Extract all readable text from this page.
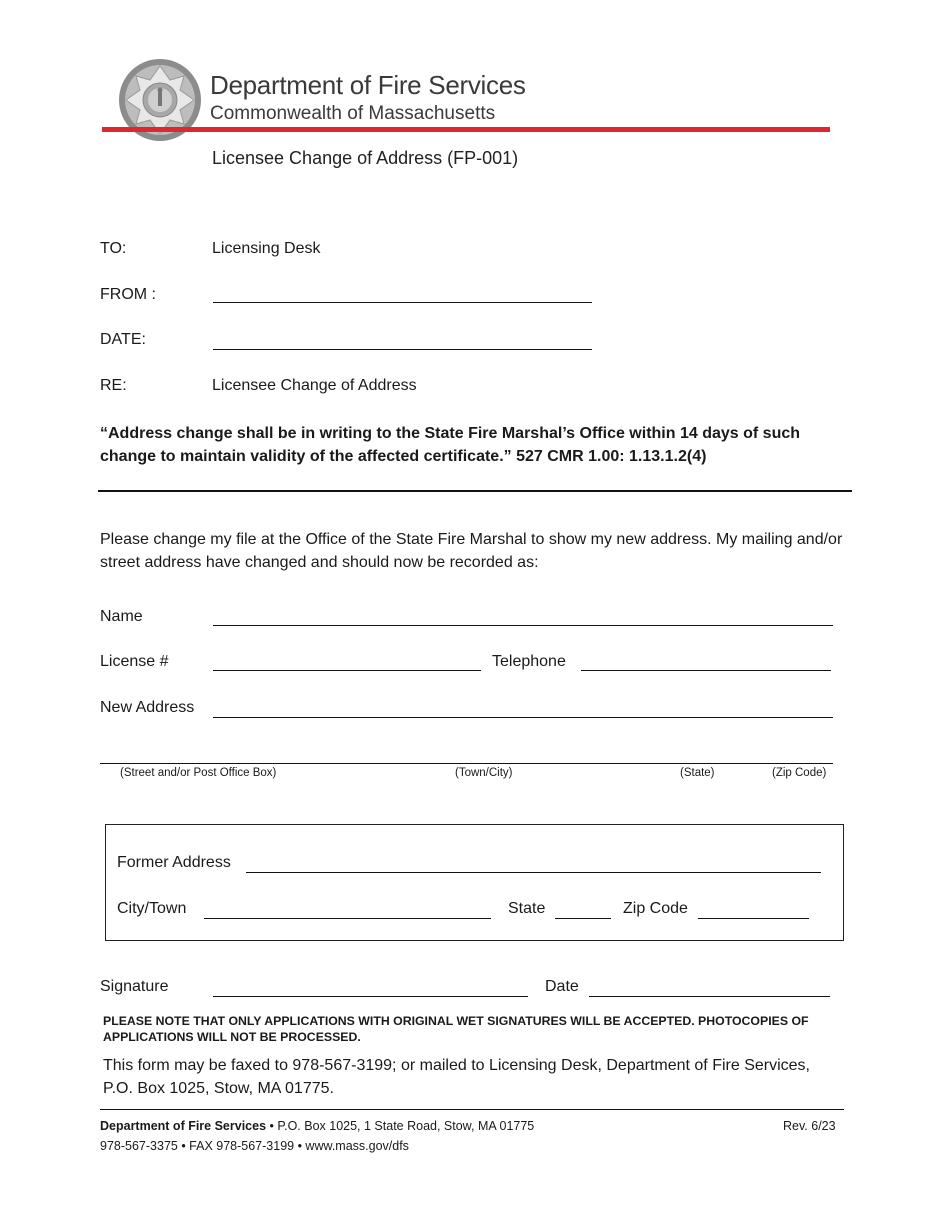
Department of Fire Services
Commonwealth of Massachusetts
Licensee Change of Address (FP-001)
TO:	Licensing Desk
FROM :
DATE:
RE:	Licensee Change of Address
“Address change shall be in writing to the State Fire Marshal’s Office within 14 days of such change to maintain validity of the affected certificate.” 527 CMR 1.00: 1.13.1.2(4)
Please change my file at the Office of the State Fire Marshal to show my new address. My mailing and/or street address have changed and should now be recorded as:
Name
License #	Telephone
New Address
(Street and/or Post Office Box)	(Town/City)	(State)	(Zip Code)
Former Address
City/Town	State	Zip Code
Signature	Date
PLEASE NOTE THAT ONLY APPLICATIONS WITH ORIGINAL WET SIGNATURES WILL BE ACCEPTED. PHOTOCOPIES OF APPLICATIONS WILL NOT BE PROCESSED.
This form may be faxed to 978-567-3199; or mailed to Licensing Desk, Department of Fire Services, P.O. Box 1025, Stow, MA 01775.
Department of Fire Services • P.O. Box 1025, 1 State Road, Stow, MA 01775
978-567-3375 • FAX 978-567-3199 • www.mass.gov/dfs
Rev. 6/23
